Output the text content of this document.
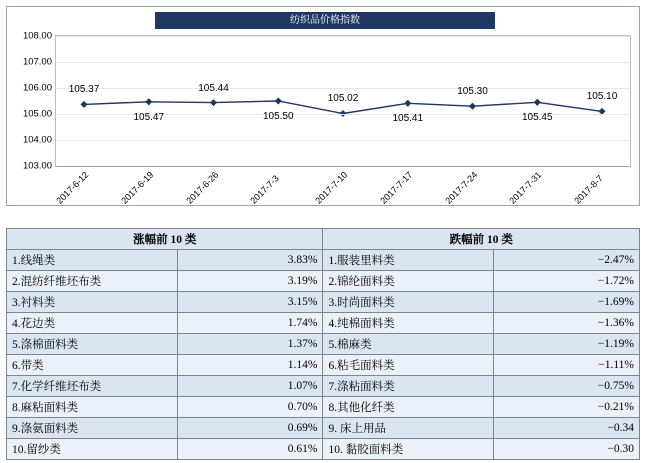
纺织品价格指数
108.00
107.00
106.00
105.00
104.00
103.00
105.37
105.47
105.44
105.50
105.02
105.41
105.30
105.45
105.10
2017-6-12	2017-6-19	2017-6-26	2017-7-3	2017-7-10	2017-7-17	2017-7-24	2017-7-31	2017-8-7
涨幅前 10 类		跌幅前 10 类	
1.线绳类	3.83%	1.服装里料类	−2.47%
2.混纺纤维坯布类	3.19%	2.锦纶面料类	−1.72%
3.衬料类	3.15%	3.时尚面料类	−1.69%
4.花边类	1.74%	4.纯棉面料类	−1.36%
5.涤棉面料类	1.37%	5.棉麻类	−1.19%
6.带类	1.14%	6.粘毛面料类	−1.11%
7.化学纤维坯布类	1.07%	7.涤粘面料类	−0.75%
8.麻粘面料类	0.70%	8.其他化纤类	−0.21%
9.涤氨面料类	0.69%	9. 床上用品	−0.34
10.留纱类	0.61%	10. 黏胶面料类	−0.30
